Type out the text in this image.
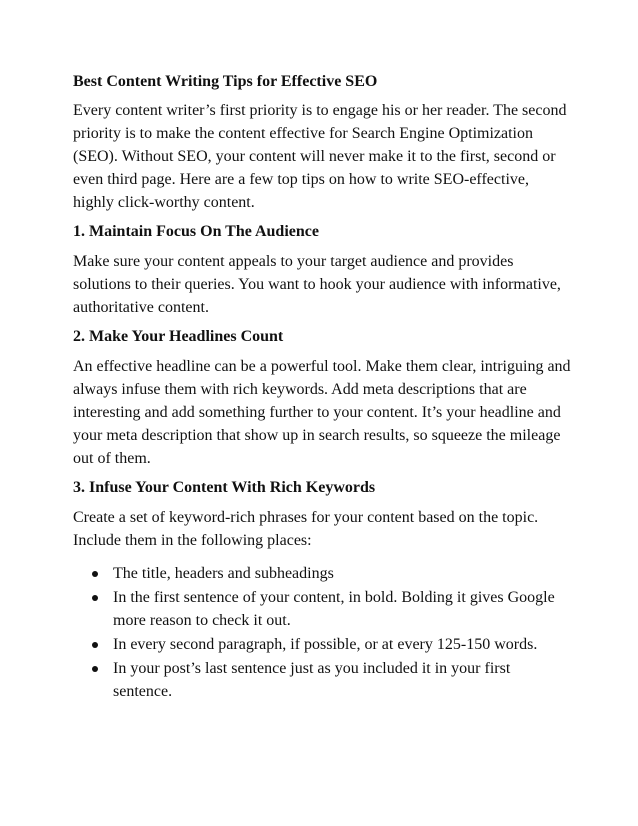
Best Content Writing Tips for Effective SEO

Every content writer’s first priority is to engage his or her reader. The second priority is to make the content effective for Search Engine Optimization (SEO). Without SEO, your content will never make it to the first, second or even third page. Here are a few top tips on how to write SEO-effective, highly click-worthy content.

1. Maintain Focus On The Audience

Make sure your content appeals to your target audience and provides solutions to their queries. You want to hook your audience with informative, authoritative content.

2. Make Your Headlines Count

An effective headline can be a powerful tool. Make them clear, intriguing and always infuse them with rich keywords. Add meta descriptions that are interesting and add something further to your content. It’s your headline and your meta description that show up in search results, so squeeze the mileage out of them.

3. Infuse Your Content With Rich Keywords

Create a set of keyword-rich phrases for your content based on the topic. Include them in the following places:

The title, headers and subheadings
In the first sentence of your content, in bold. Bolding it gives Google more reason to check it out.
In every second paragraph, if possible, or at every 125-150 words.
In your post’s last sentence just as you included it in your first sentence.
